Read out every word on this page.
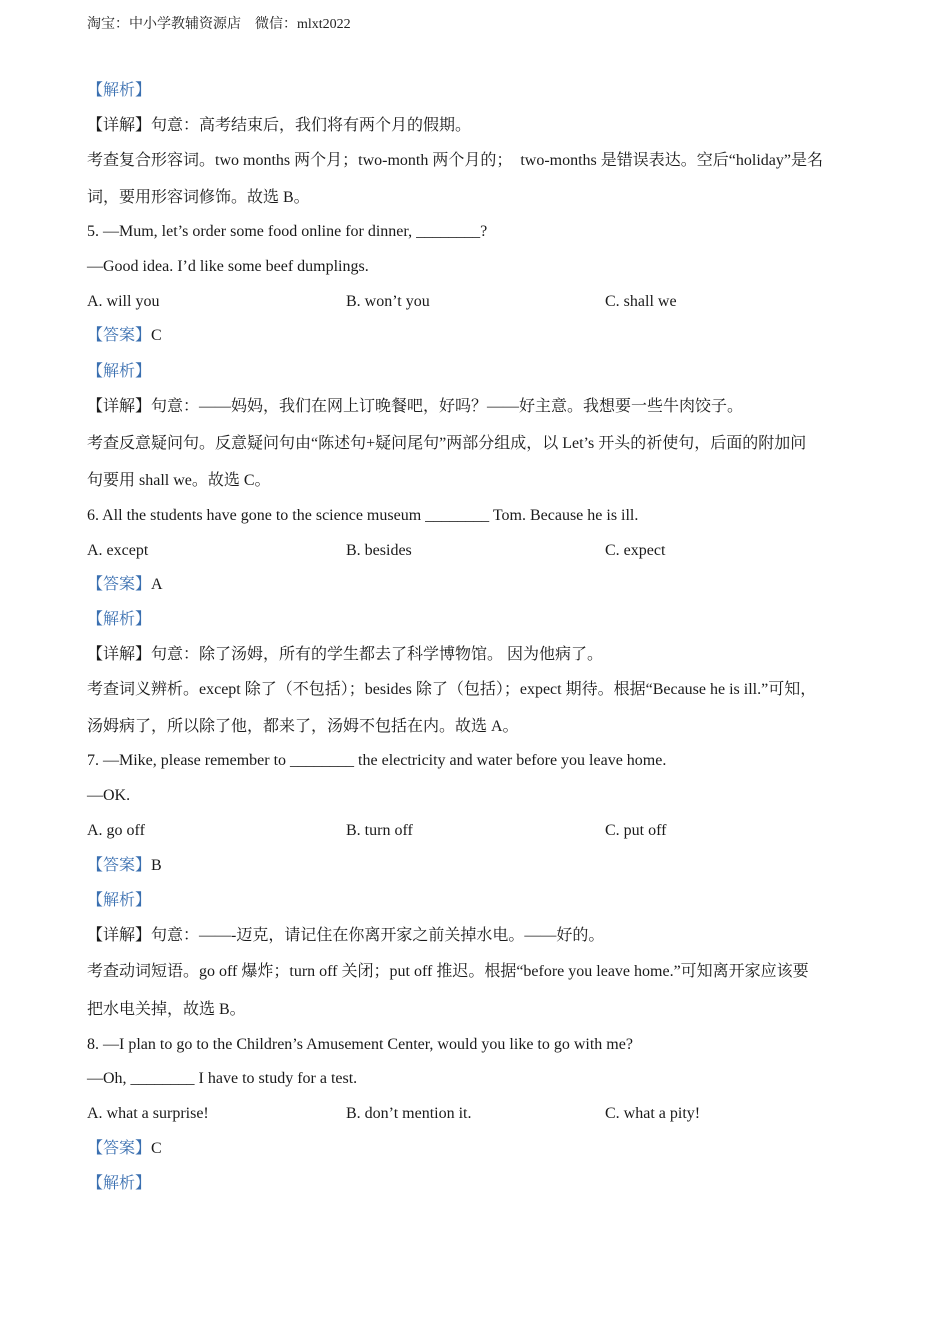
淘宝：中小学教辅资源店　微信：mlxt2022
【解析】
【详解】句意：高考结束后，我们将有两个月的假期。
考查复合形容词。two months 两个月；two-month 两个月的；　two-months 是错误表达。空后“holiday”是名
词，要用形容词修饰。故选 B。
5. —Mum, let’s order some food online for dinner, ________?
—Good idea. I’d like some beef dumplings.
A. will you	B. won’t you	C. shall we
【答案】C
【解析】
【详解】句意：——妈妈，我们在网上订晚餐吧，好吗？——好主意。我想要一些牛肉饺子。
考查反意疑问句。反意疑问句由“陈述句+疑问尾句”两部分组成，以 Let’s 开头的祈使句，后面的附加问
句要用 shall we。故选 C。
6. All the students have gone to the science museum ________ Tom. Because he is ill.
A. except	B. besides	C. expect
【答案】A
【解析】
【详解】句意：除了汤姆，所有的学生都去了科学博物馆。 因为他病了。
考查词义辨析。except 除了（不包括）；besides 除了（包括）；expect 期待。根据“Because he is ill.”可知，
汤姆病了，所以除了他，都来了，汤姆不包括在内。故选 A。
7. —Mike, please remember to ________ the electricity and water before you leave home.
—OK.
A. go off	B. turn off	C. put off
【答案】B
【解析】
【详解】句意：——-迈克，请记住在你离开家之前关掉水电。——好的。
考查动词短语。go off 爆炸；turn off 关闭；put off 推迟。根据“before you leave home.”可知离开家应该要
把水电关掉，故选 B。
8. —I plan to go to the Children’s Amusement Center, would you like to go with me?
—Oh, ________ I have to study for a test.
A. what a surprise!	B. don’t mention it.	C. what a pity!
【答案】C
【解析】
